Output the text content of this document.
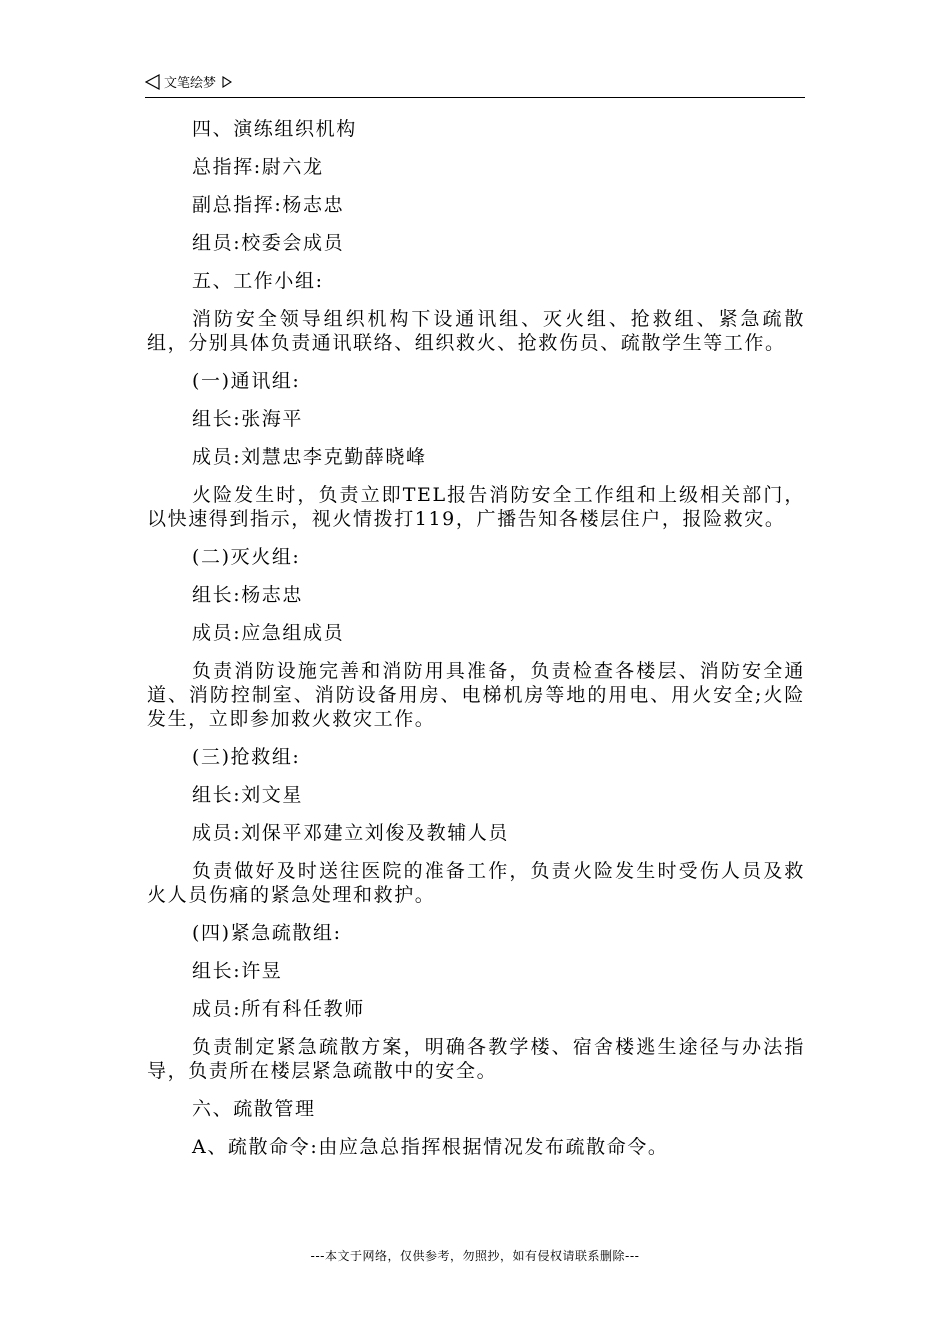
文笔绘梦

四、演练组织机构

总指挥:尉六龙

副总指挥:杨志忠

组员:校委会成员

五、工作小组:

消防安全领导组织机构下设通讯组、灭火组、抢救组、紧急疏散组，分别具体负责通讯联络、组织救火、抢救伤员、疏散学生等工作。

(一)通讯组:

组长:张海平

成员:刘慧忠李克勤薛晓峰

火险发生时，负责立即TEL报告消防安全工作组和上级相关部门，以快速得到指示，视火情拨打119，广播告知各楼层住户，报险救灾。

(二)灭火组:

组长:杨志忠

成员:应急组成员

负责消防设施完善和消防用具准备，负责检查各楼层、消防安全通道、消防控制室、消防设备用房、电梯机房等地的用电、用火安全;火险发生，立即参加救火救灾工作。

(三)抢救组:

组长:刘文星

成员:刘保平邓建立刘俊及教辅人员

负责做好及时送往医院的准备工作，负责火险发生时受伤人员及救火人员伤痛的紧急处理和救护。

(四)紧急疏散组:

组长:许昱

成员:所有科任教师

负责制定紧急疏散方案，明确各教学楼、宿舍楼逃生途径与办法指导，负责所在楼层紧急疏散中的安全。

六、疏散管理

A、疏散命令:由应急总指挥根据情况发布疏散命令。

---本文于网络，仅供参考，勿照抄，如有侵权请联系删除---
